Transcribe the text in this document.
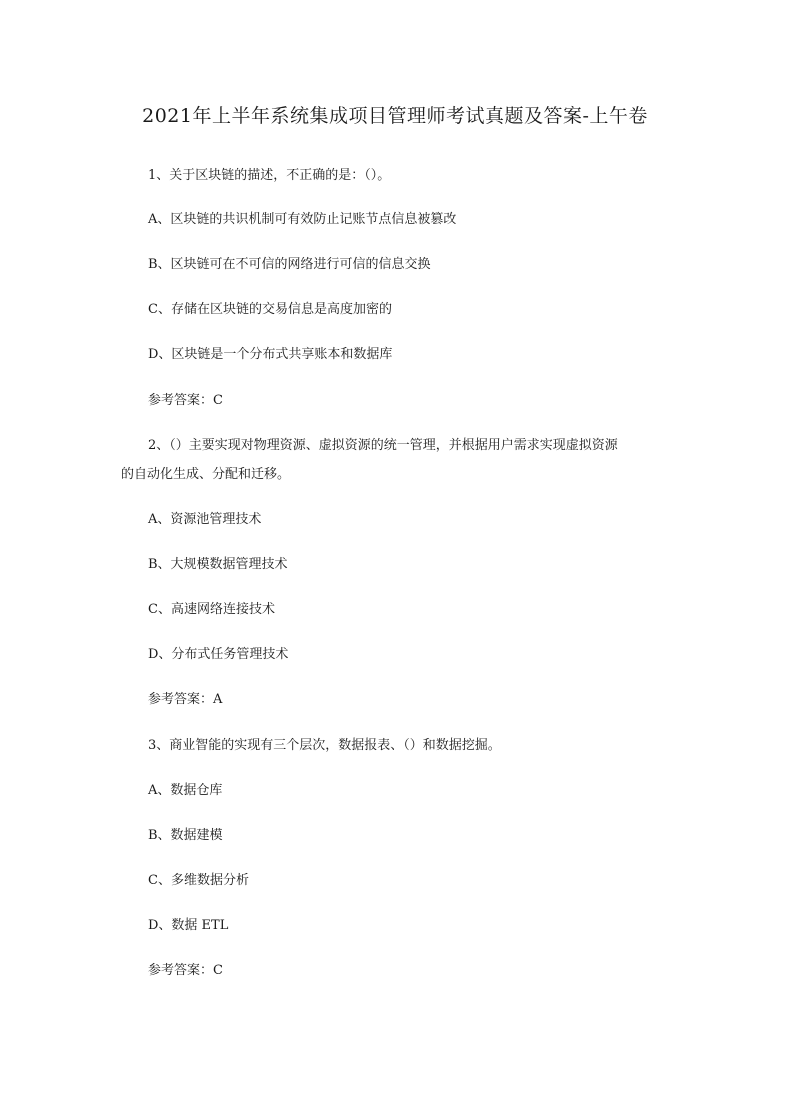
2021年上半年系统集成项目管理师考试真题及答案-上午卷
1、关于区块链的描述，不正确的是：（）。
A、区块链的共识机制可有效防止记账节点信息被篡改
B、区块链可在不可信的网络进行可信的信息交换
C、存储在区块链的交易信息是高度加密的
D、区块链是一个分布式共享账本和数据库
参考答案：C
2、（）主要实现对物理资源、虚拟资源的统一管理，并根据用户需求实现虚拟资源
的自动化生成、分配和迁移。
A、资源池管理技术
B、大规模数据管理技术
C、高速网络连接技术
D、分布式任务管理技术
参考答案：A
3、商业智能的实现有三个层次，数据报表、（）和数据挖掘。
A、数据仓库
B、数据建模
C、多维数据分析
D、数据 ETL
参考答案：C
